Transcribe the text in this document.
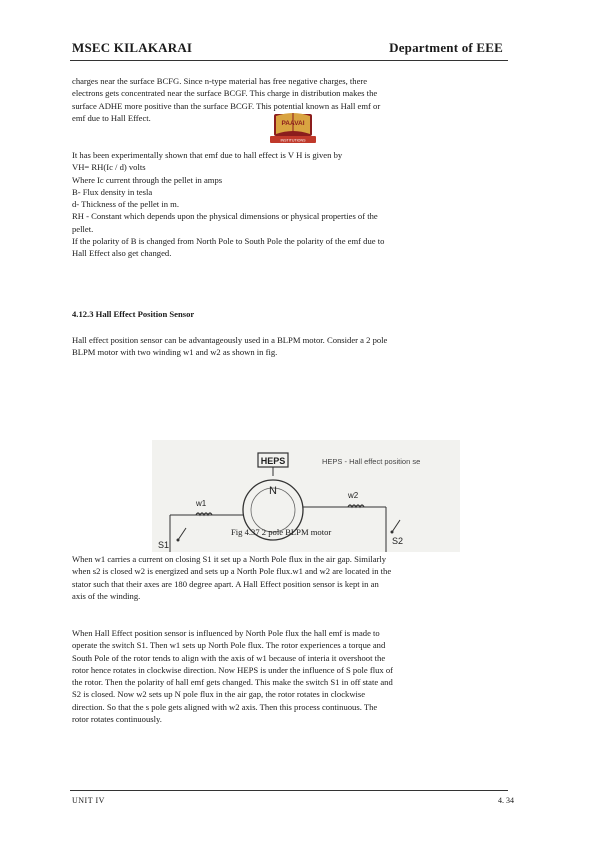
MSEC KILAKARAI	Department of EEE
charges near the surface BCFG. Since n-type material has free negative charges, there
electrons gets concentrated near the surface BCGF. This charge in distribution makes the
surface ADHE more positive than the surface BCGF. This potential known as Hall emf or
emf due to Hall Effect.
PAAVAI
INSTITUTIONS
It has been experimentally shown that emf due to hall effect is V H is given by
VH= RH(Ic / d) volts
Where Ic current through the pellet in amps
B- Flux density in tesla
d- Thickness of the pellet in m.
RH - Constant which depends upon the physical dimensions or physical properties of the
pellet.
If the polarity of B is changed from North Pole to South Pole the polarity of the emf due to
Hall Effect also get changed.
4.12.3 Hall Effect Position Sensor
Hall effect position sensor can be advantageously used in a BLPM motor. Consider a 2 pole
BLPM motor with two winding w1 and w2 as shown in fig.
HEPS	HEPS - Hall effect position se
N
w1
S1
w2
S2
Fig 4.37 2 pole BLPM motor
When w1 carries a current on closing S1 it set up a North Pole flux in the air gap. Similarly
when s2 is closed w2 is energized and sets up a North Pole flux.w1 and w2 are located in the
stator such that their axes are 180 degree apart. A Hall Effect position sensor is kept in an
axis of the winding.
When Hall Effect position sensor is influenced by North Pole flux the hall emf is made to
operate the switch S1. Then w1 sets up North Pole flux. The rotor experiences a torque and
South Pole of the rotor tends to align with the axis of w1 because of interia it overshoot the
rotor hence rotates in clockwise direction. Now HEPS is under the influence of S pole flux of
the rotor. Then the polarity of hall emf gets changed. This make the switch S1 in off state and
S2 is closed. Now w2 sets up N pole flux in the air gap, the rotor rotates in clockwise
direction. So that the s pole gets aligned with w2 axis. Then this process continuous. The
rotor rotates continuously.
UNIT IV	4. 34
